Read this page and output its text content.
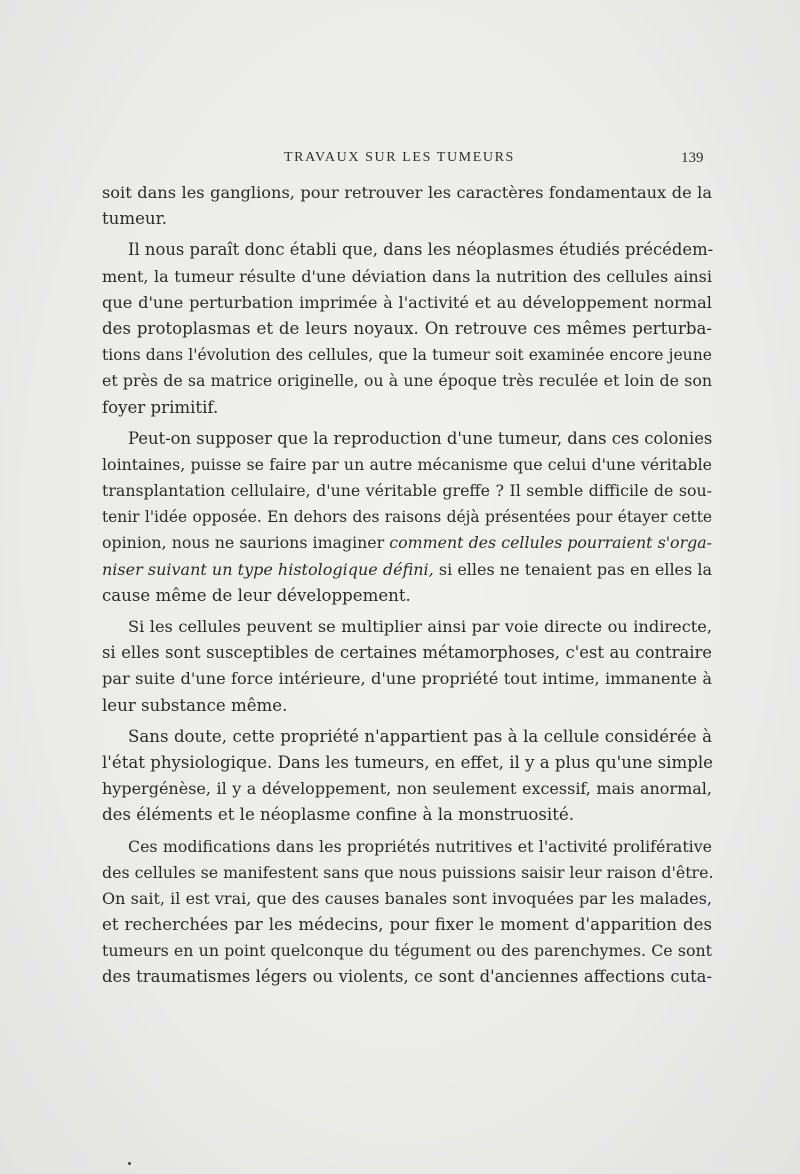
TRAVAUX SUR LES TUMEURS	139
soit dans les ganglions, pour retrouver les caractères fondamentaux de la
tumeur.
Il nous paraît donc établi que, dans les néoplasmes étudiés précédem-
ment, la tumeur résulte d'une déviation dans la nutrition des cellules ainsi
que d'une perturbation imprimée à l'activité et au développement normal
des protoplasmas et de leurs noyaux. On retrouve ces mêmes perturba-
tions dans l'évolution des cellules, que la tumeur soit examinée encore jeune
et près de sa matrice originelle, ou à une époque très reculée et loin de son
foyer primitif.
Peut-on supposer que la reproduction d'une tumeur, dans ces colonies
lointaines, puisse se faire par un autre mécanisme que celui d'une véritable
transplantation cellulaire, d'une véritable greffe ? Il semble difficile de sou-
tenir l'idée opposée. En dehors des raisons déjà présentées pour étayer cette
opinion, nous ne saurions imaginer comment des cellules pourraient s'orga-
niser suivant un type histologique défini, si elles ne tenaient pas en elles la
cause même de leur développement.
Si les cellules peuvent se multiplier ainsi par voie directe ou indirecte,
si elles sont susceptibles de certaines métamorphoses, c'est au contraire
par suite d'une force intérieure, d'une propriété tout intime, immanente à
leur substance même.
Sans doute, cette propriété n'appartient pas à la cellule considérée à
l'état physiologique. Dans les tumeurs, en effet, il y a plus qu'une simple
hypergénèse, il y a développement, non seulement excessif, mais anormal,
des éléments et le néoplasme confine à la monstruosité.
Ces modifications dans les propriétés nutritives et l'activité proliférative
des cellules se manifestent sans que nous puissions saisir leur raison d'être.
On sait, il est vrai, que des causes banales sont invoquées par les malades,
et recherchées par les médecins, pour fixer le moment d'apparition des
tumeurs en un point quelconque du tégument ou des parenchymes. Ce sont
des traumatismes légers ou violents, ce sont d'anciennes affections cuta-
